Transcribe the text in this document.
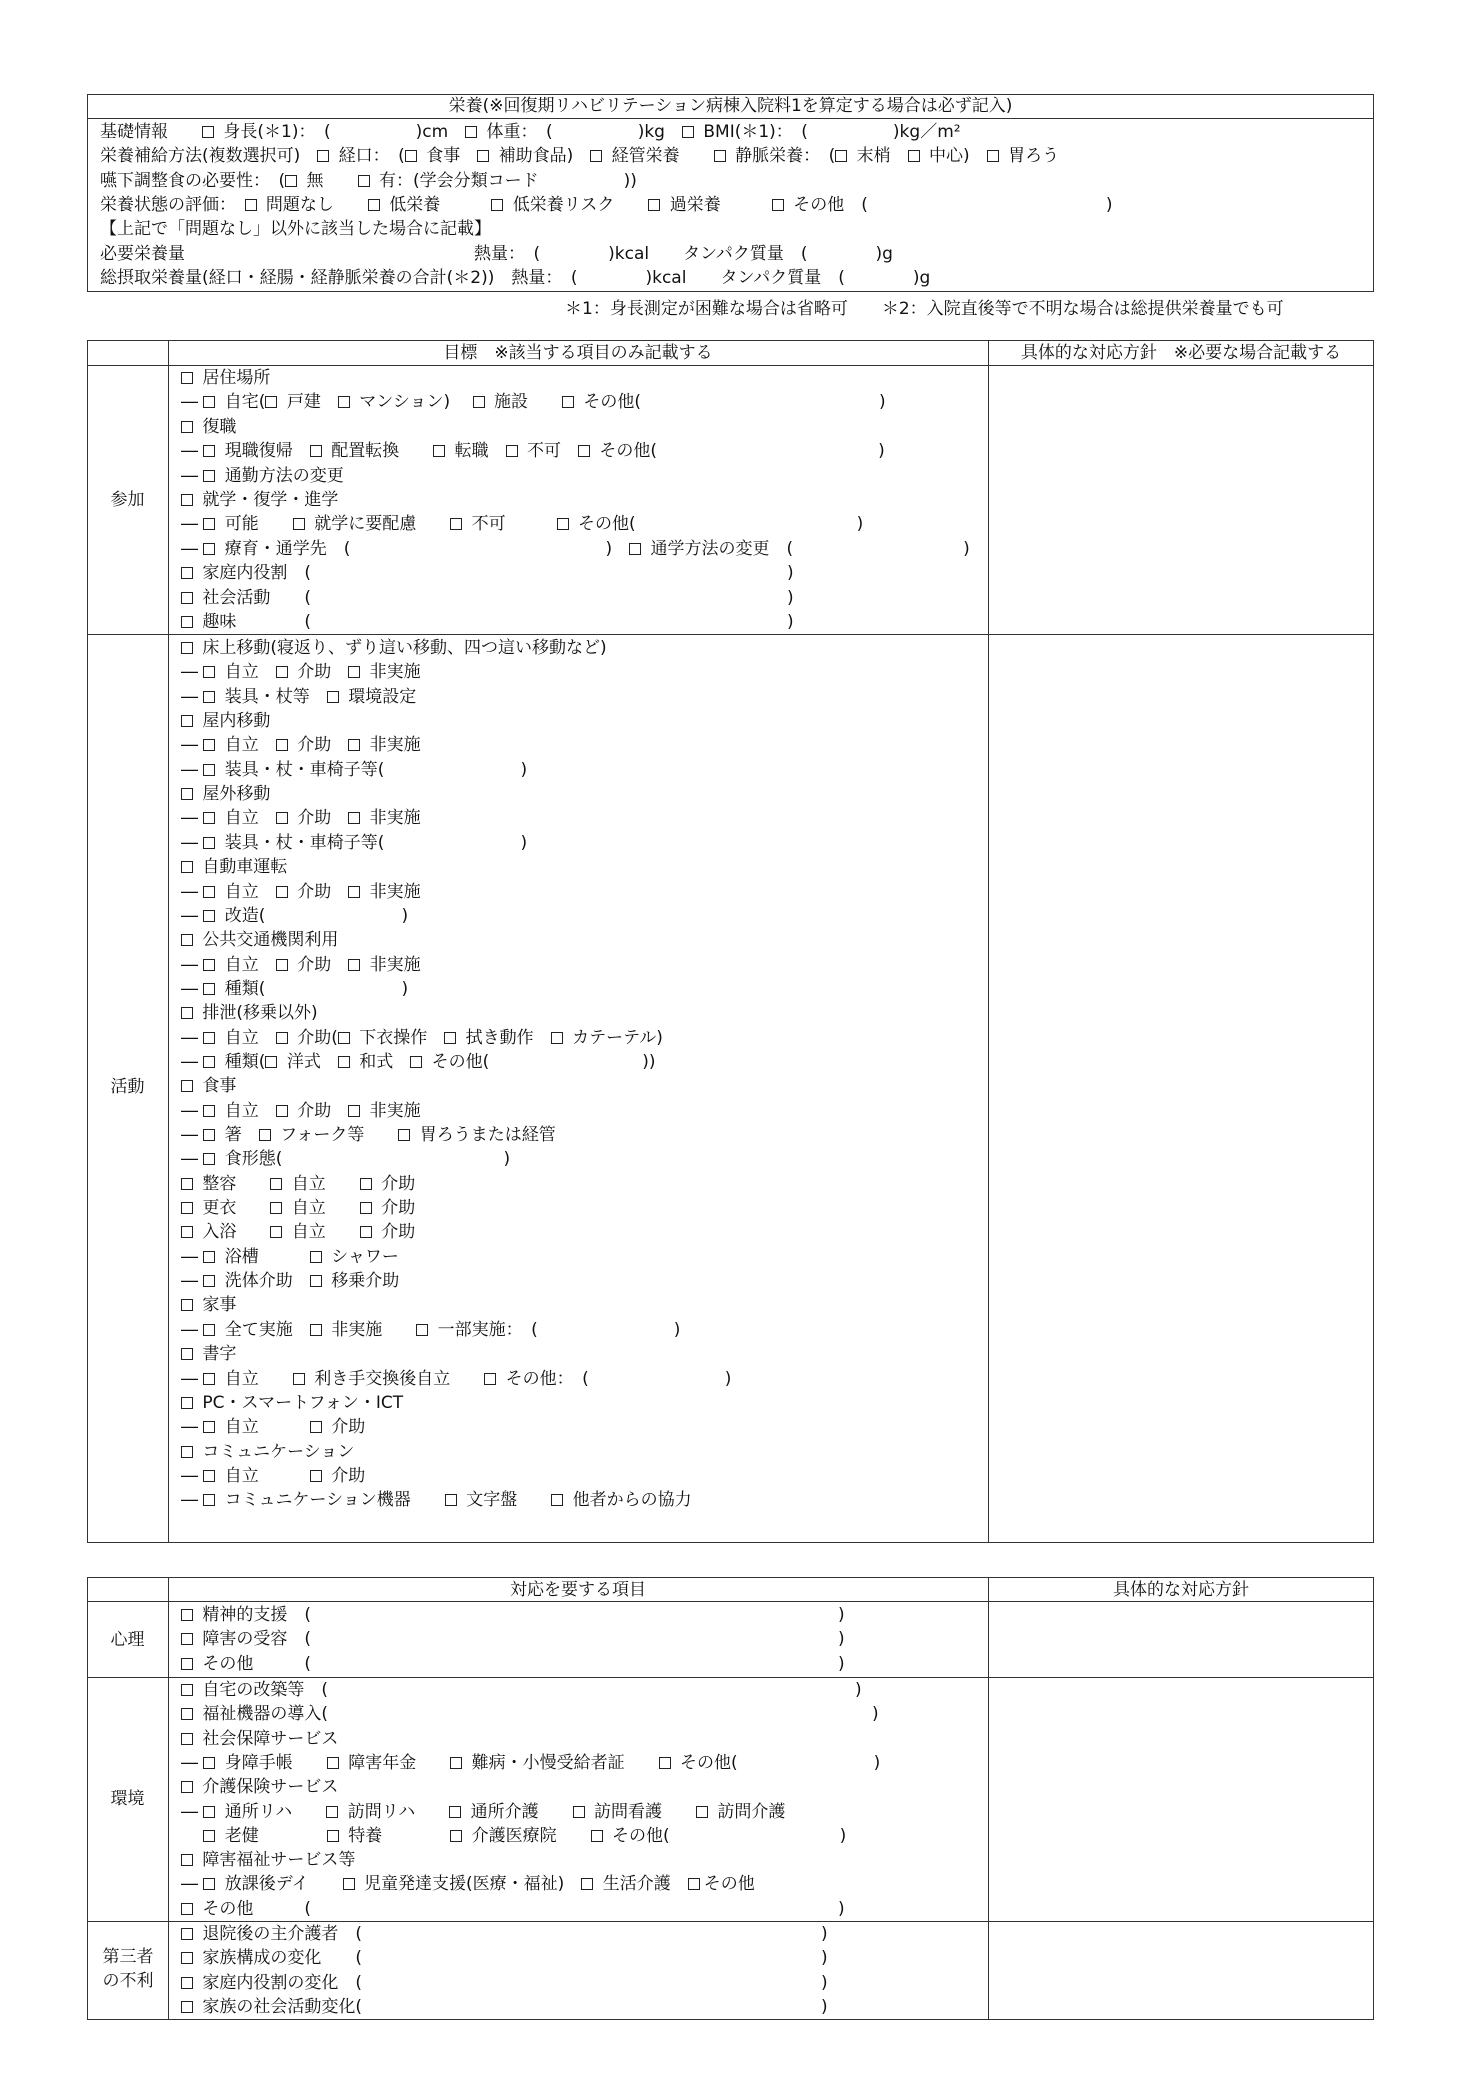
栄養(※回復期リハビリテーション病棟入院料1を算定する場合は必ず記入)
基礎情報　　 身長(＊1)：　(　　　　　)cm　 体重：　(　　　　　)kg　 BMI(＊1)：　(　　　　　)kg／m²
栄養補給方法(複数選択可)　 経口：　( 食事　 補助食品)　 経管栄養　　 静脈栄養：　( 末梢　 中心)　 胃ろう
嚥下調整食の必要性：　( 無　　 有：(学会分類コード　　　　　))
栄養状態の評価：　 問題なし　　 低栄養　　　 低栄養リスク　　 過栄養　　　 その他　(　　　　　　　　　　　　　　)
【上記で「問題なし」以外に該当した場合に記載】
必要栄養量　　　　　　　　　　　　　　　　　熱量：　(　　　　)kcal　　タンパク質量　(　　　　)g
総摂取栄養量(経口・経腸・経静脈栄養の合計(＊2))　熱量：　(　　　　)kcal　　タンパク質量　(　　　　)g
＊1：身長測定が困難な場合は省略可　　＊2：入院直後等で不明な場合は総提供栄養量でも可
目標　※該当する項目のみ記載する	具体的な対応方針　※必要な場合記載する
参加
活動
居住場所
―  自宅( 戸建　 マンション)　  施設　　 その他(　　　　　　　　　　　　　　)
復職
―  現職復帰　 配置転換　　 転職　 不可　 その他(　　　　　　　　　　　　　)
―  通勤方法の変更
就学・復学・進学
―  可能　　 就学に要配慮　　 不可　　　 その他(　　　　　　　　　　　　　)
―  療育・通学先　(　　　　　　　　　　　　　　　)　 通学方法の変更　(　　　　　　　　　　)
家庭内役割　(　　　　　　　　　　　　　　　　　　　　　　　　　　　　)
社会活動　　(　　　　　　　　　　　　　　　　　　　　　　　　　　　　)
趣味　　　　(　　　　　　　　　　　　　　　　　　　　　　　　　　　　)
床上移動(寝返り、ずり這い移動、四つ這い移動など)
―  自立　 介助　 非実施
―  装具・杖等　 環境設定
屋内移動
―  自立　 介助　 非実施
―  装具・杖・車椅子等(　　　　　　　　)
屋外移動
―  自立　 介助　 非実施
―  装具・杖・車椅子等(　　　　　　　　)
自動車運転
―  自立　 介助　 非実施
―  改造(　　　　　　　　)
公共交通機関利用
―  自立　 介助　 非実施
―  種類(　　　　　　　　)
排泄(移乗以外)
―  自立　 介助( 下衣操作　 拭き動作　 カテーテル)
―  種類( 洋式　 和式　 その他(　　　　　　　　　))
食事
―  自立　 介助　 非実施
―  箸　 フォーク等　　 胃ろうまたは経管
―  食形態(　　　　　　　　　　　　　)
整容　　 自立　　 介助
更衣　　 自立　　 介助
入浴　　 自立　　 介助
―  浴槽　　　 シャワー
―  洗体介助　 移乗介助
家事
―  全て実施　 非実施　　 一部実施：　(　　　　　　　　)
書字
―  自立　　 利き手交換後自立　　 その他：　(　　　　　　　　)
PC・スマートフォン・ICT
―  自立　　　 介助
コミュニケーション
―  自立　　　 介助
―  コミュニケーション機器　　 文字盤　　 他者からの協力
対応を要する項目	具体的な対応方針
心理
環境
第三者の不利
精神的支援　(　　　　　　　　　　　　　　　　　　　　　　　　　　　　　　　)
障害の受容　(　　　　　　　　　　　　　　　　　　　　　　　　　　　　　　　)
その他　　　(　　　　　　　　　　　　　　　　　　　　　　　　　　　　　　　)
自宅の改築等　(　　　　　　　　　　　　　　　　　　　　　　　　　　　　　　　)
福祉機器の導入(　　　　　　　　　　　　　　　　　　　　　　　　　　　　　　　　)
社会保障サービス
―  身障手帳　　 障害年金　　 難病・小慢受給者証　　 その他(　　　　　　　　)
介護保険サービス
―  通所リハ　　 訪問リハ　　 通所介護　　 訪問看護　　 訪問介護
　  老健　　　　 特養　　　　 介護医療院　　 その他(　　　　　　　　　　)
障害福祉サービス等
―  放課後デイ　　 児童発達支援(医療・福祉)　 生活介護　その他
その他　　　(　　　　　　　　　　　　　　　　　　　　　　　　　　　　　　　)
退院後の主介護者　(　　　　　　　　　　　　　　　　　　　　　　　　　　　)
家族構成の変化　　(　　　　　　　　　　　　　　　　　　　　　　　　　　　)
家庭内役割の変化　(　　　　　　　　　　　　　　　　　　　　　　　　　　　)
家族の社会活動変化(　　　　　　　　　　　　　　　　　　　　　　　　　　　)
